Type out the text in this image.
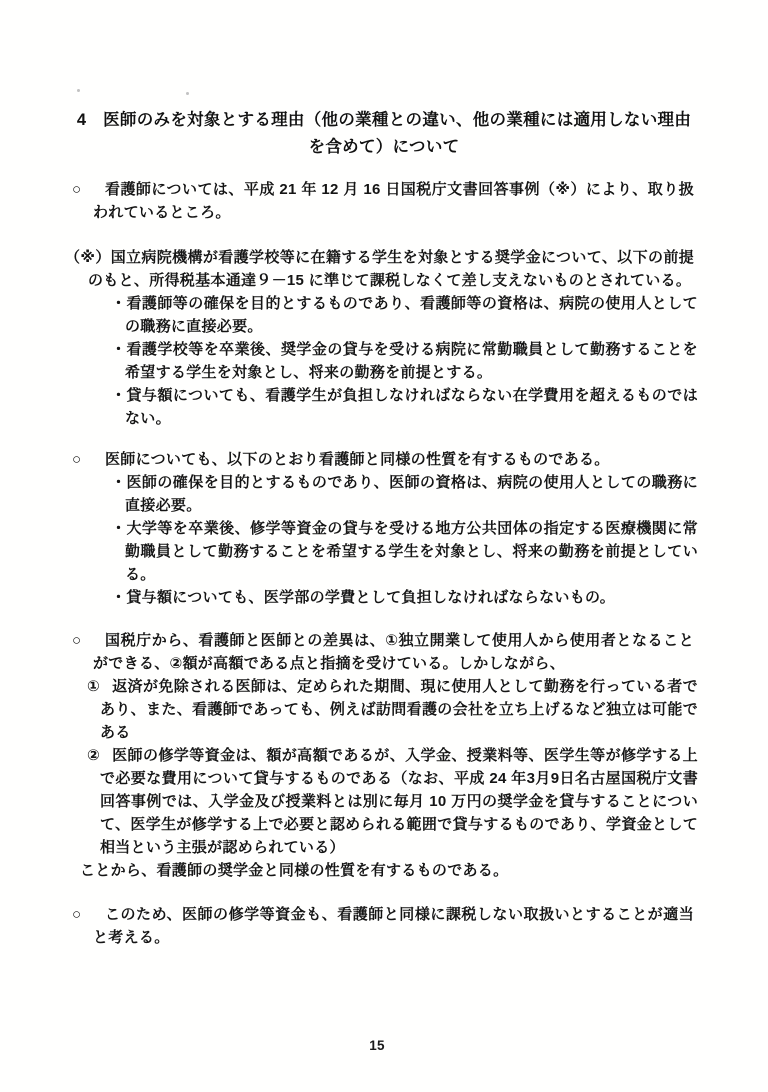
4　医師のみを対象とする理由（他の業種との違い、他の業種には適用しない理由
を含めて）について

○ 看護師については、平成 21 年 12 月 16 日国税庁文書回答事例（※）により、取り扱われているところ。

（※）国立病院機構が看護学校等に在籍する学生を対象とする奨学金について、以下の前提のもと、所得税基本通達９－15 に準じて課税しなくて差し支えないものとされている。

・看護師等の確保を目的とするものであり、看護師等の資格は、病院の使用人としての職務に直接必要。

・看護学校等を卒業後、奨学金の貸与を受ける病院に常勤職員として勤務することを希望する学生を対象とし、将来の勤務を前提とする。

・貸与額についても、看護学生が負担しなければならない在学費用を超えるものではない。

○ 医師についても、以下のとおり看護師と同様の性質を有するものである。

・医師の確保を目的とするものであり、医師の資格は、病院の使用人としての職務に直接必要。

・大学等を卒業後、修学等資金の貸与を受ける地方公共団体の指定する医療機関に常勤職員として勤務することを希望する学生を対象とし、将来の勤務を前提としている。

・貸与額についても、医学部の学費として負担しなければならないもの。

○ 国税庁から、看護師と医師との差異は、①独立開業して使用人から使用者となることができる、②額が高額である点と指摘を受けている。しかしながら、

① 返済が免除される医師は、定められた期間、現に使用人として勤務を行っている者であり、また、看護師であっても、例えば訪問看護の会社を立ち上げるなど独立は可能である

② 医師の修学等資金は、額が高額であるが、入学金、授業料等、医学生等が修学する上で必要な費用について貸与するものである（なお、平成 24 年3月9日名古屋国税庁文書回答事例では、入学金及び授業料とは別に毎月 10 万円の奨学金を貸与することについて、医学生が修学する上で必要と認められる範囲で貸与するものであり、学資金として相当という主張が認められている）

ことから、看護師の奨学金と同様の性質を有するものである。

○ このため、医師の修学等資金も、看護師と同様に課税しない取扱いとすることが適当と考える。

15
